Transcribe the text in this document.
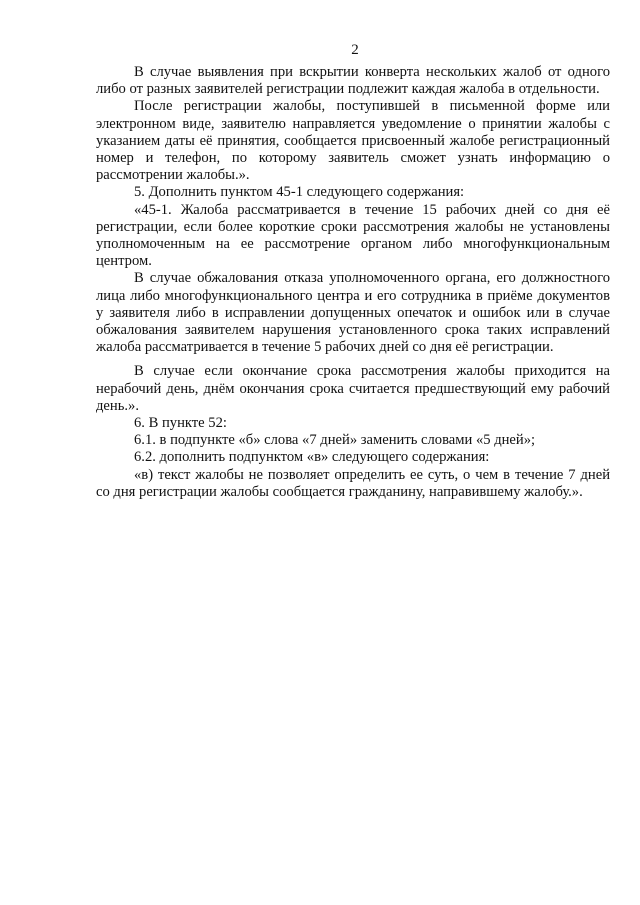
2

В случае выявления при вскрытии конверта нескольких жалоб от одного либо от разных заявителей регистрации подлежит каждая жалоба в отдельности.

После регистрации жалобы, поступившей в письменной форме или электронном виде, заявителю направляется уведомление о принятии жалобы с указанием даты её принятия, сообщается присвоенный жалобе регистрационный номер и телефон, по которому заявитель сможет узнать информацию о рассмотрении жалобы.».

5. Дополнить пунктом 45-1 следующего содержания:

«45-1. Жалоба рассматривается в течение 15 рабочих дней со дня её регистрации, если более короткие сроки рассмотрения жалобы не установлены уполномоченным на ее рассмотрение органом либо многофункциональным центром.

В случае обжалования отказа уполномоченного органа, его должностного лица либо многофункционального центра и его сотрудника в приёме документов у заявителя либо в исправлении допущенных опечаток и ошибок или в случае обжалования заявителем нарушения установленного срока таких исправлений жалоба рассматривается в течение 5 рабочих дней со дня её регистрации.

В случае если окончание срока рассмотрения жалобы приходится на нерабочий день, днём окончания срока считается предшествующий ему рабочий день.».

6. В пункте 52:

6.1. в подпункте «б» слова «7 дней» заменить словами «5 дней»;

6.2. дополнить подпунктом «в» следующего содержания:

«в) текст жалобы не позволяет определить ее суть, о чем в течение 7 дней со дня регистрации жалобы сообщается гражданину, направившему жалобу.».
